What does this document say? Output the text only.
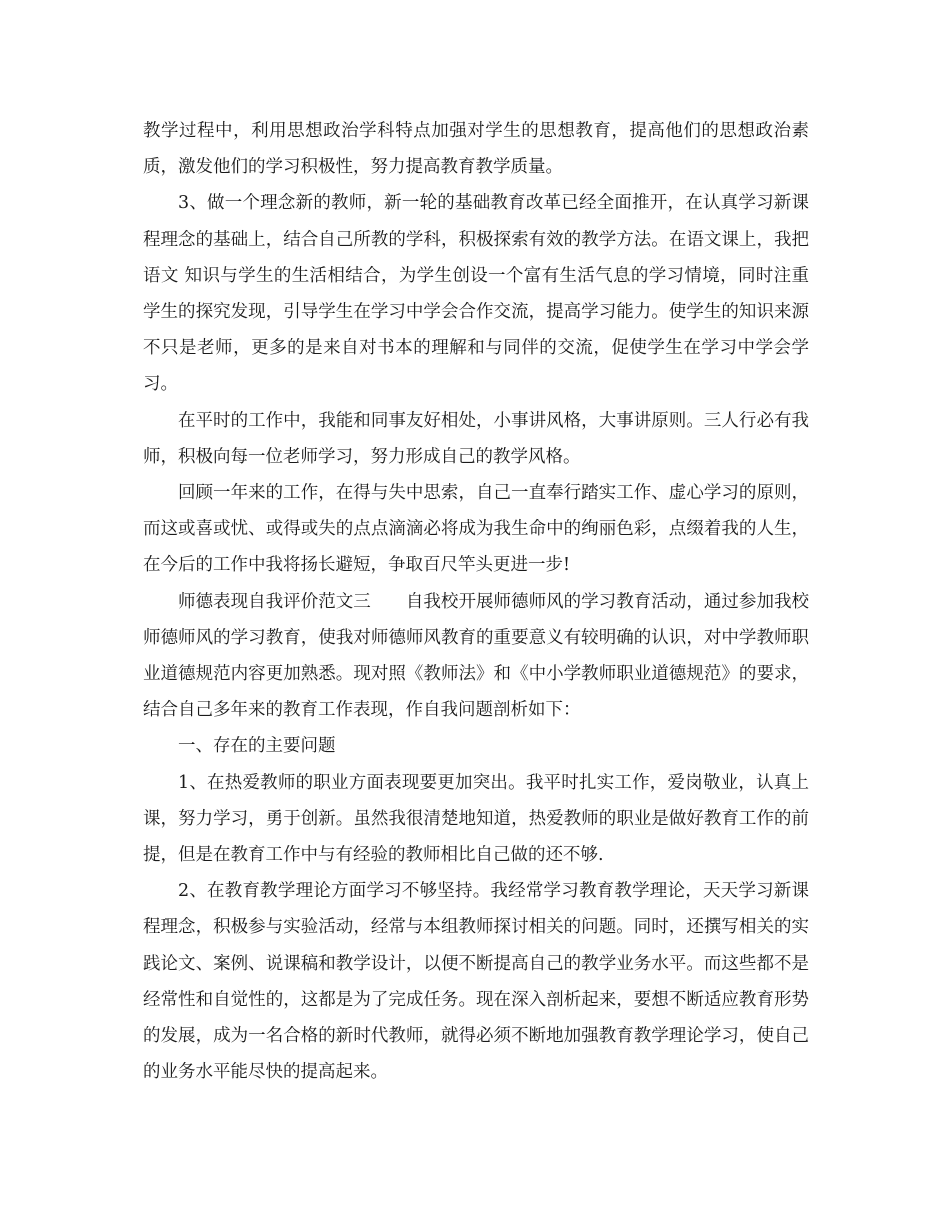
教学过程中，利用思想政治学科特点加强对学生的思想教育，提高他们的思想政治素质，激发他们的学习积极性，努力提高教育教学质量。

3、做一个理念新的教师，新一轮的基础教育改革已经全面推开，在认真学习新课程理念的基础上，结合自己所教的学科，积极探索有效的教学方法。在语文课上，我把语文 知识与学生的生活相结合，为学生创设一个富有生活气息的学习情境，同时注重学生的探究发现，引导学生在学习中学会合作交流，提高学习能力。使学生的知识来源不只是老师，更多的是来自对书本的理解和与同伴的交流，促使学生在学习中学会学习。

在平时的工作中，我能和同事友好相处，小事讲风格，大事讲原则。三人行必有我师，积极向每一位老师学习，努力形成自己的教学风格。

回顾一年来的工作，在得与失中思索，自己一直奉行踏实工作、虚心学习的原则，而这或喜或忧、或得或失的点点滴滴必将成为我生命中的绚丽色彩，点缀着我的人生，在今后的工作中我将扬长避短，争取百尺竿头更进一步!

师德表现自我评价范文三　　自我校开展师德师风的学习教育活动，通过参加我校师德师风的学习教育，使我对师德师风教育的重要意义有较明确的认识，对中学教师职业道德规范内容更加熟悉。现对照《教师法》和《中小学教师职业道德规范》的要求，结合自己多年来的教育工作表现，作自我问题剖析如下：

一、存在的主要问题

1、在热爱教师的职业方面表现要更加突出。我平时扎实工作，爱岗敬业，认真上课，努力学习，勇于创新。虽然我很清楚地知道，热爱教师的职业是做好教育工作的前提，但是在教育工作中与有经验的教师相比自己做的还不够.

2、在教育教学理论方面学习不够坚持。我经常学习教育教学理论，天天学习新课程理念，积极参与实验活动，经常与本组教师探讨相关的问题。同时，还撰写相关的实践论文、案例、说课稿和教学设计，以便不断提高自己的教学业务水平。而这些都不是经常性和自觉性的，这都是为了完成任务。现在深入剖析起来，要想不断适应教育形势的发展，成为一名合格的新时代教师，就得必须不断地加强教育教学理论学习，使自己的业务水平能尽快的提高起来。
